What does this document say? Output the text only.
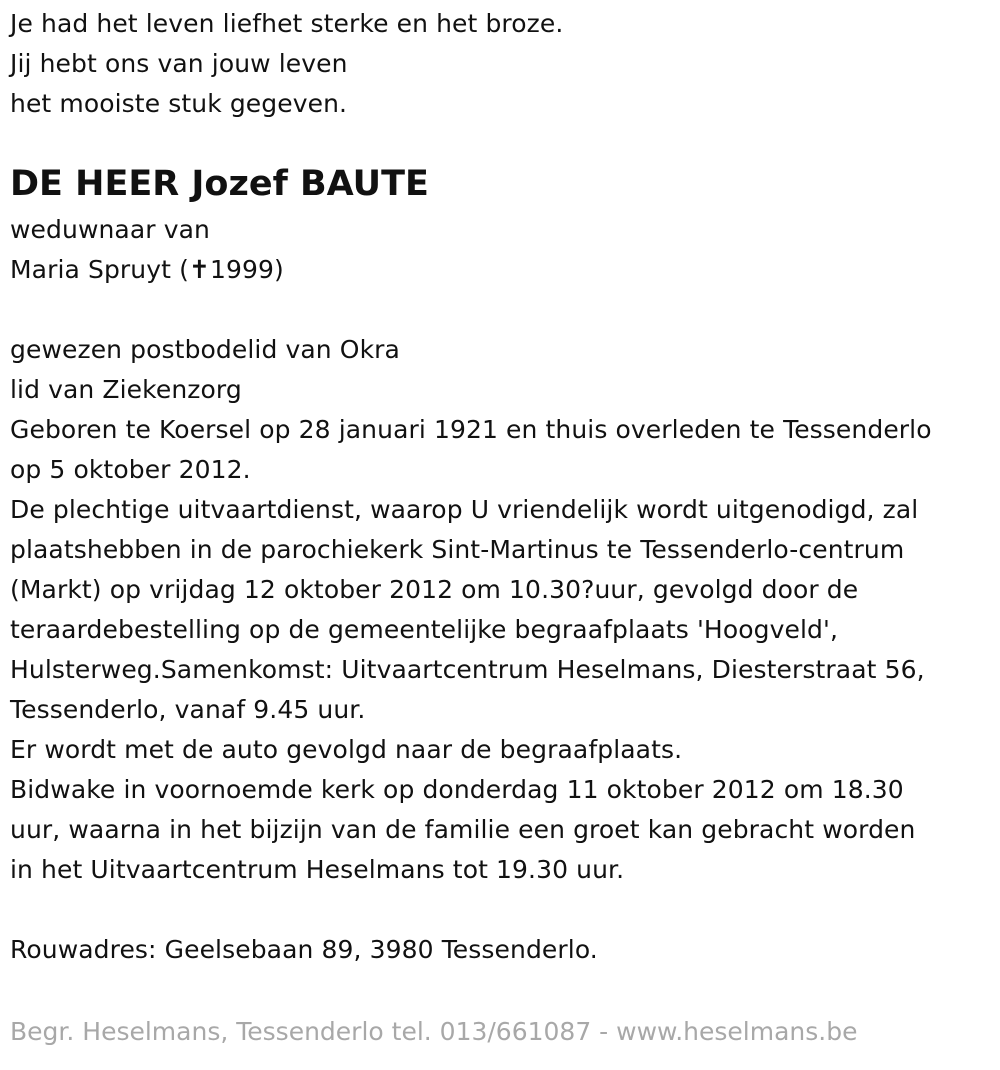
Je had het leven liefhet sterke en het broze.
Jij hebt ons van jouw leven
het mooiste stuk gegeven.
DE HEER Jozef BAUTE
weduwnaar van
Maria Spruyt (✝1999)
gewezen postbodelid van Okra
lid van Ziekenzorg
Geboren te Koersel op 28 januari 1921 en thuis overleden te Tessenderlo
op 5 oktober 2012.
De plechtige uitvaartdienst, waarop U vriendelijk wordt uitgenodigd, zal
plaatshebben in de parochiekerk Sint-Martinus te Tessenderlo-centrum
(Markt) op vrijdag 12 oktober 2012 om 10.30?uur, gevolgd door de
teraardebestelling op de gemeentelijke begraafplaats 'Hoogveld',
Hulsterweg.Samenkomst: Uitvaartcentrum Heselmans, Diesterstraat 56,
Tessenderlo, vanaf 9.45 uur.
Er wordt met de auto gevolgd naar de begraafplaats.
Bidwake in voornoemde kerk op donderdag 11 oktober 2012 om 18.30
uur, waarna in het bijzijn van de familie een groet kan gebracht worden
in het Uitvaartcentrum Heselmans tot 19.30 uur.
Rouwadres: Geelsebaan 89, 3980 Tessenderlo.
Begr. Heselmans, Tessenderlo tel. 013/661087 - www.heselmans.be
